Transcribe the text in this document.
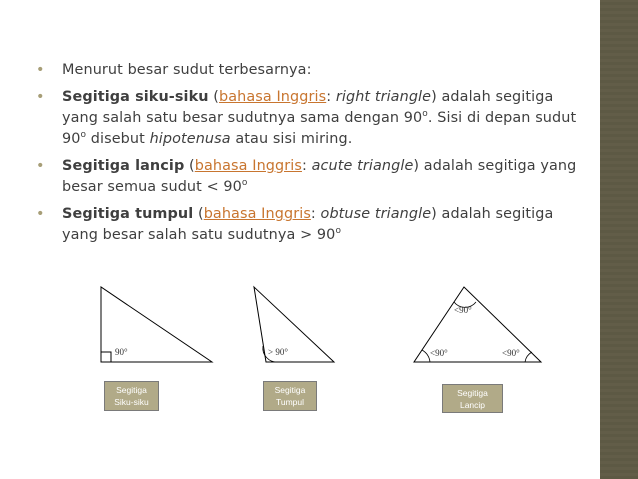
• Menurut besar sudut terbesarnya:
• Segitiga siku-siku (bahasa Inggris: right triangle) adalah segitiga yang salah satu besar sudutnya sama dengan 90$^o$. Sisi di depan sudut 90$^o$ disebut hipotenusa atau sisi miring.
• Segitiga lancip (bahasa Inggris: acute triangle) adalah segitiga yang besar semua sudut < $90^o$
• Segitiga tumpul (bahasa Inggris: obtuse triangle) adalah segitiga yang besar salah satu sudutnya > $90^o$
90°	> 90°
<90°
<90°	<90°
Segitiga
Siku-siku
Segitiga
Tumpul
Segitiga
Lancip
